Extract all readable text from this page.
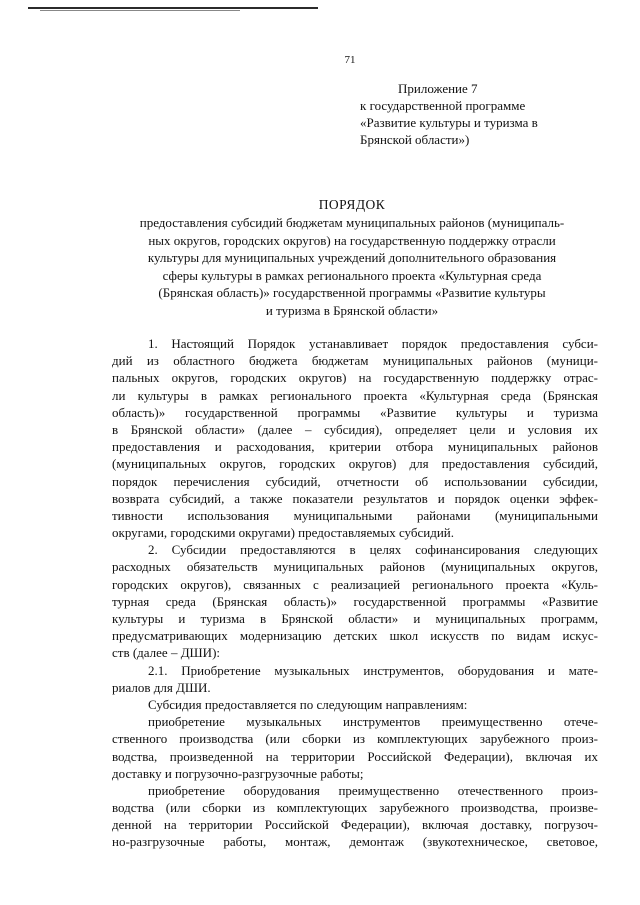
71
Приложение 7
к государственной программе
«Развитие культуры и туризма в
Брянской области»)
ПОРЯДОК
предоставления субсидий бюджетам муниципальных районов (муниципаль-
ных округов, городских округов) на государственную поддержку отрасли
культуры для муниципальных учреждений дополнительного образования
сферы культуры в рамках регионального проекта «Культурная среда
(Брянская область)» государственной программы «Развитие культуры
и туризма в Брянской области»
1. Настоящий Порядок устанавливает порядок предоставления субси-
дий из областного бюджета бюджетам муниципальных районов (муници-
пальных округов, городских округов) на государственную поддержку отрас-
ли культуры в рамках регионального проекта «Культурная среда (Брянская
область)» государственной программы «Развитие культуры и туризма
в Брянской области» (далее – субсидия), определяет цели и условия их
предоставления и расходования, критерии отбора муниципальных районов
(муниципальных округов, городских округов) для предоставления субсидий,
порядок перечисления субсидий, отчетности об использовании субсидии,
возврата субсидий, а также показатели результатов и порядок оценки эффек-
тивности использования муниципальными районами (муниципальными
округами, городскими округами) предоставляемых субсидий.
2. Субсидии предоставляются в целях софинансирования следующих
расходных обязательств муниципальных районов (муниципальных округов,
городских округов), связанных с реализацией регионального проекта «Куль-
турная среда (Брянская область)» государственной программы «Развитие
культуры и туризма в Брянской области» и муниципальных программ,
предусматривающих модернизацию детских школ искусств по видам искус-
ств (далее – ДШИ):
2.1. Приобретение музыкальных инструментов, оборудования и мате-
риалов для ДШИ.
Субсидия предоставляется по следующим направлениям:
приобретение музыкальных инструментов преимущественно отече-
ственного производства (или сборки из комплектующих зарубежного произ-
водства, произведенной на территории Российской Федерации), включая их
доставку и погрузочно-разгрузочные работы;
приобретение оборудования преимущественно отечественного произ-
водства (или сборки из комплектующих зарубежного производства, произве-
денной на территории Российской Федерации), включая доставку, погрузоч-
но-разгрузочные работы, монтаж, демонтаж (звукотехническое, световое,
